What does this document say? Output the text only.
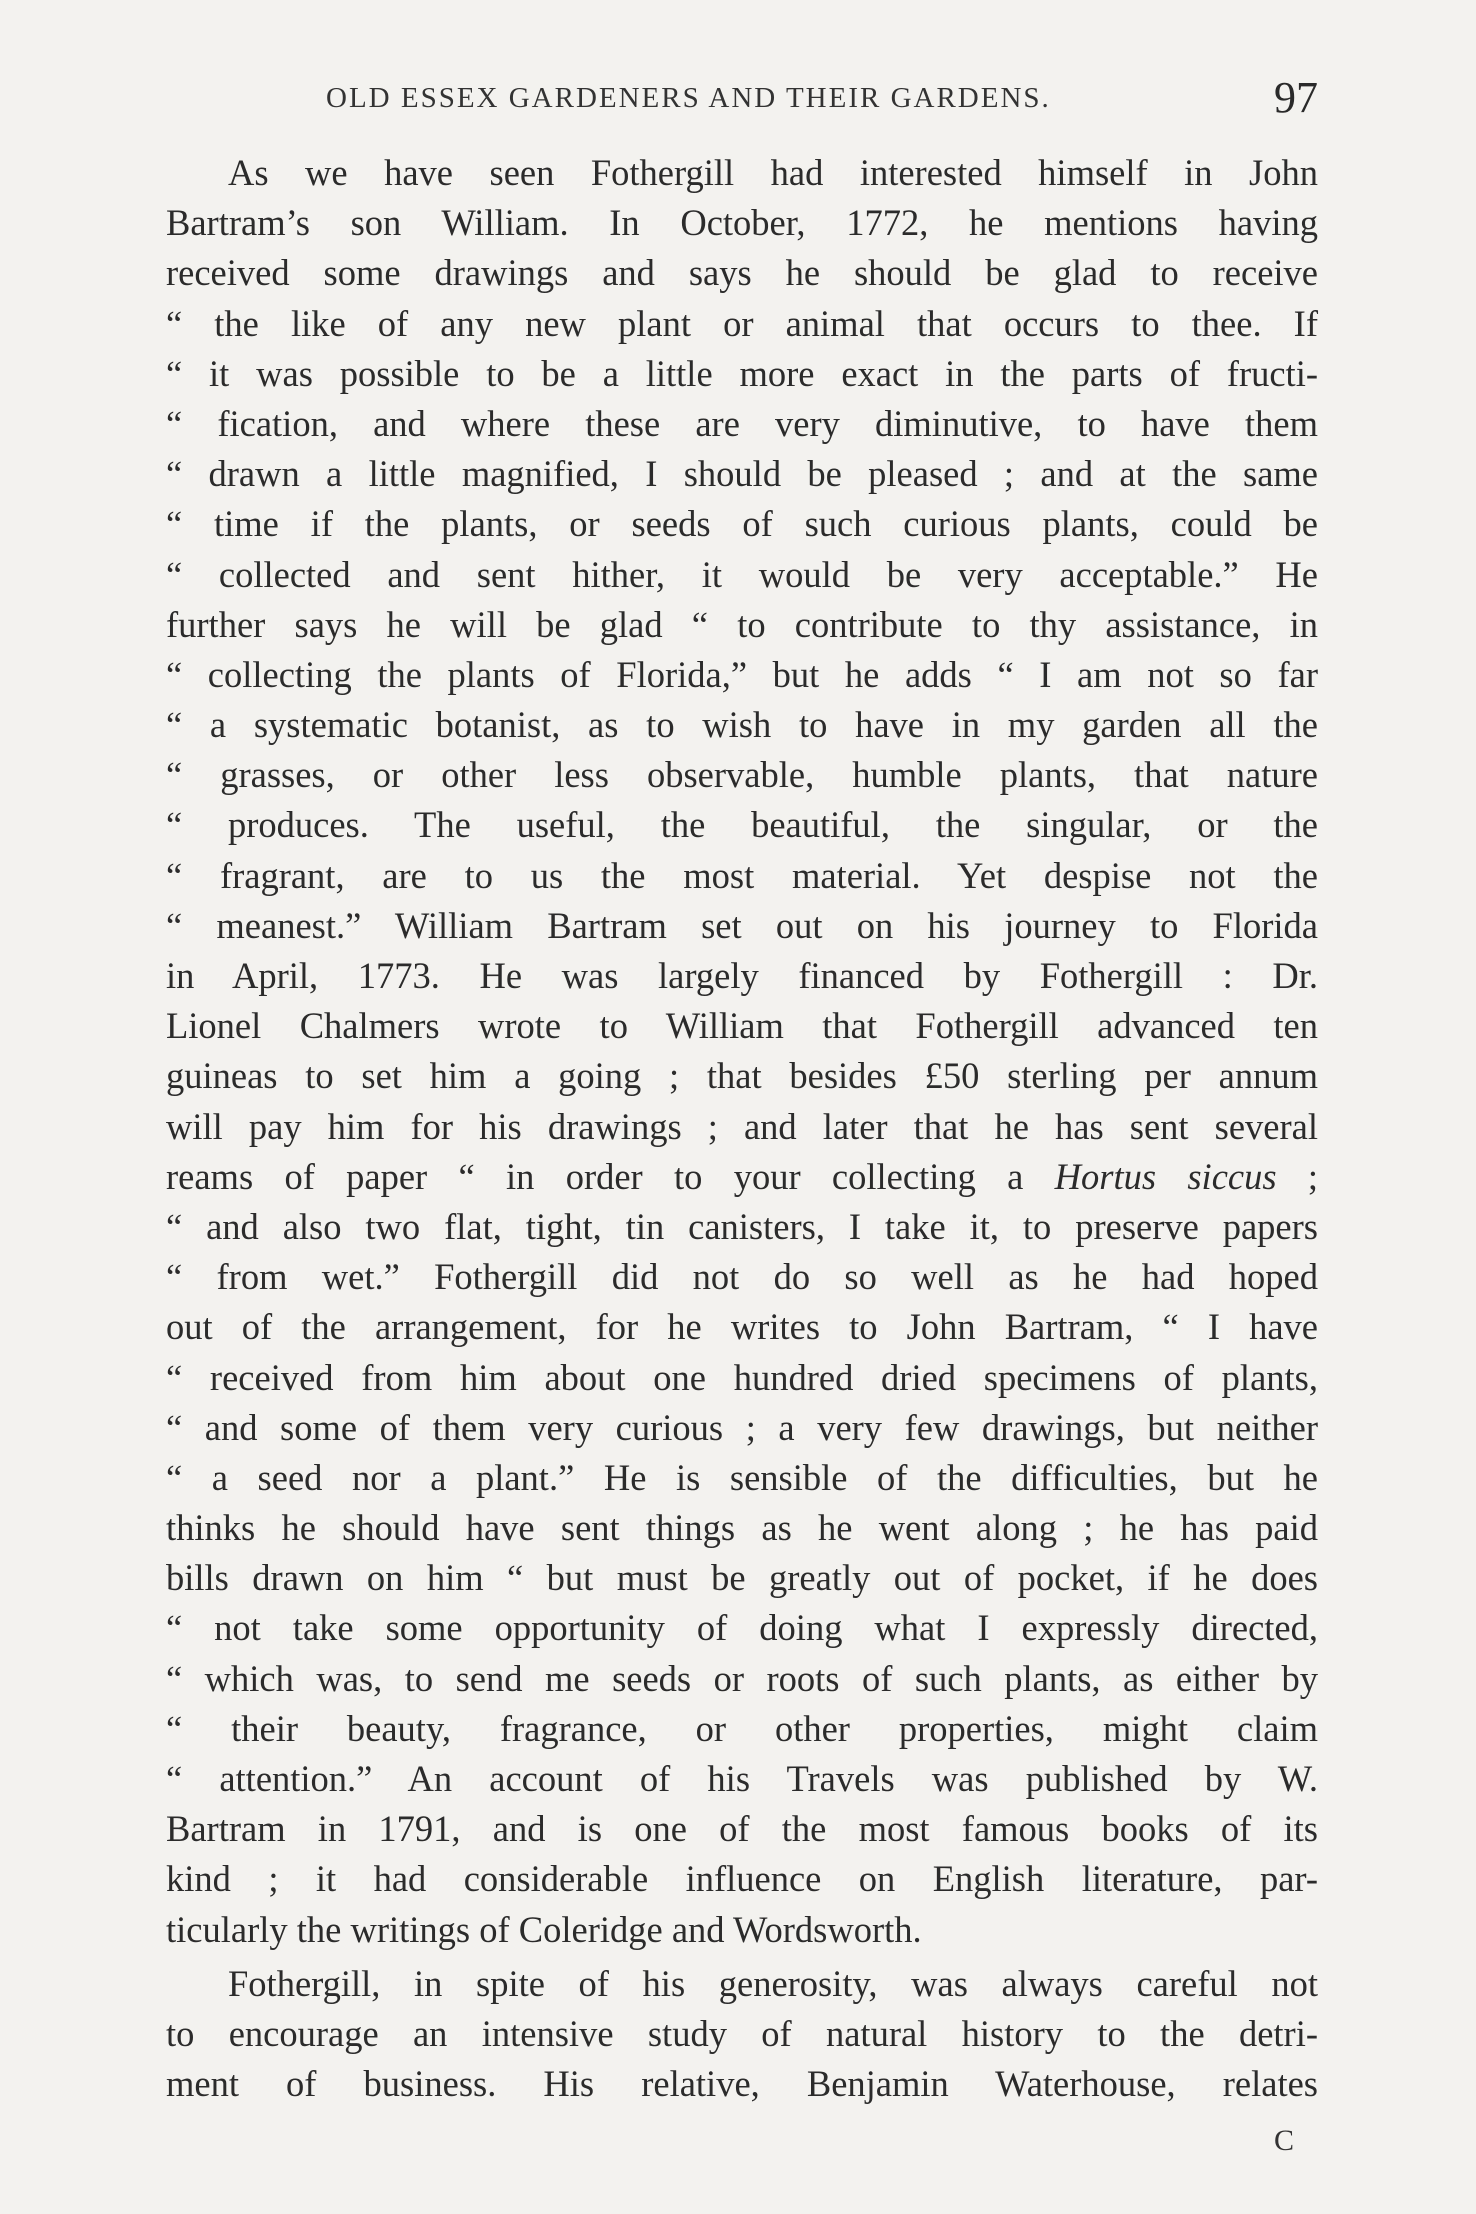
OLD ESSEX GARDENERS AND THEIR GARDENS.	97
As we have seen Fothergill had interested himself in John
Bartram’s son William. In October, 1772, he mentions having
received some drawings and says he should be glad to receive
“ the like of any new plant or animal that occurs to thee. If
“ it was possible to be a little more exact in the parts of fructi-
“ fication, and where these are very diminutive, to have them
“ drawn a little magnified, I should be pleased ; and at the same
“ time if the plants, or seeds of such curious plants, could be
“ collected and sent hither, it would be very acceptable.” He
further says he will be glad “ to contribute to thy assistance, in
“ collecting the plants of Florida,” but he adds “ I am not so far
“ a systematic botanist, as to wish to have in my garden all the
“ grasses, or other less observable, humble plants, that nature
“ produces. The useful, the beautiful, the singular, or the
“ fragrant, are to us the most material. Yet despise not the
“ meanest.” William Bartram set out on his journey to Florida
in April, 1773. He was largely financed by Fothergill : Dr.
Lionel Chalmers wrote to William that Fothergill advanced ten
guineas to set him a going ; that besides £50 sterling per annum
will pay him for his drawings ; and later that he has sent several
reams of paper “ in order to your collecting a Hortus siccus ;
“ and also two flat, tight, tin canisters, I take it, to preserve papers
“ from wet.” Fothergill did not do so well as he had hoped
out of the arrangement, for he writes to John Bartram, “ I have
“ received from him about one hundred dried specimens of plants,
“ and some of them very curious ; a very few drawings, but neither
“ a seed nor a plant.” He is sensible of the difficulties, but he
thinks he should have sent things as he went along ; he has paid
bills drawn on him “ but must be greatly out of pocket, if he does
“ not take some opportunity of doing what I expressly directed,
“ which was, to send me seeds or roots of such plants, as either by
“ their beauty, fragrance, or other properties, might claim
“ attention.” An account of his Travels was published by W.
Bartram in 1791, and is one of the most famous books of its
kind ; it had considerable influence on English literature, par-
ticularly the writings of Coleridge and Wordsworth.
Fothergill, in spite of his generosity, was always careful not
to encourage an intensive study of natural history to the detri-
ment of business. His relative, Benjamin Waterhouse, relates
C
